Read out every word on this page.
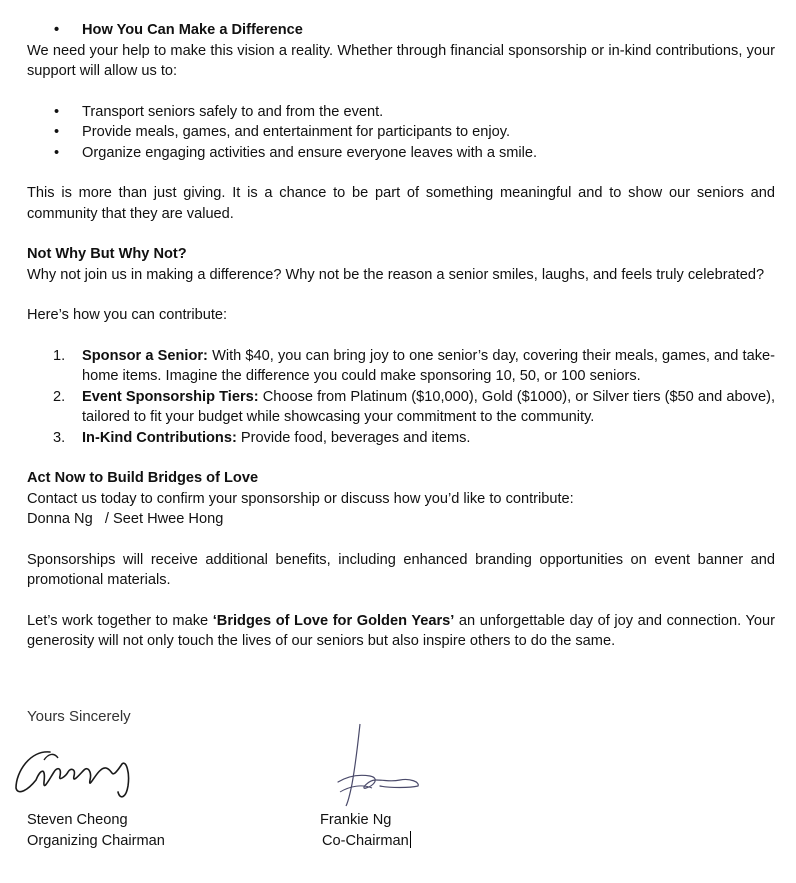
• How You Can Make a Difference

We need your help to make this vision a reality. Whether through financial sponsorship or in-kind contributions, your support will allow us to:

• Transport seniors safely to and from the event.
• Provide meals, games, and entertainment for participants to enjoy.
• Organize engaging activities and ensure everyone leaves with a smile.

This is more than just giving. It is a chance to be part of something meaningful and to show our seniors and community that they are valued.

Not Why But Why Not?

Why not join us in making a difference? Why not be the reason a senior smiles, laughs, and feels truly celebrated?

Here’s how you can contribute:

1. Sponsor a Senior: With $40, you can bring joy to one senior’s day, covering their meals, games, and take-home items. Imagine the difference you could make sponsoring 10, 50, or 100 seniors.
2. Event Sponsorship Tiers: Choose from Platinum ($10,000), Gold ($1000), or Silver tiers ($50 and above), tailored to fit your budget while showcasing your commitment to the community.
3. In-Kind Contributions: Provide food, beverages and items.

Act Now to Build Bridges of Love

Contact us today to confirm your sponsorship or discuss how you’d like to contribute:

Donna Ng   / Seet Hwee Hong

Sponsorships will receive additional benefits, including enhanced branding opportunities on event banner and promotional materials.

Let’s work together to make ‘Bridges of Love for Golden Years’ an unforgettable day of joy and connection. Your generosity will not only touch the lives of our seniors but also inspire others to do the same.

Yours Sincerely
Steven Cheong
Organizing Chairman
Frankie Ng
Co-Chairman
